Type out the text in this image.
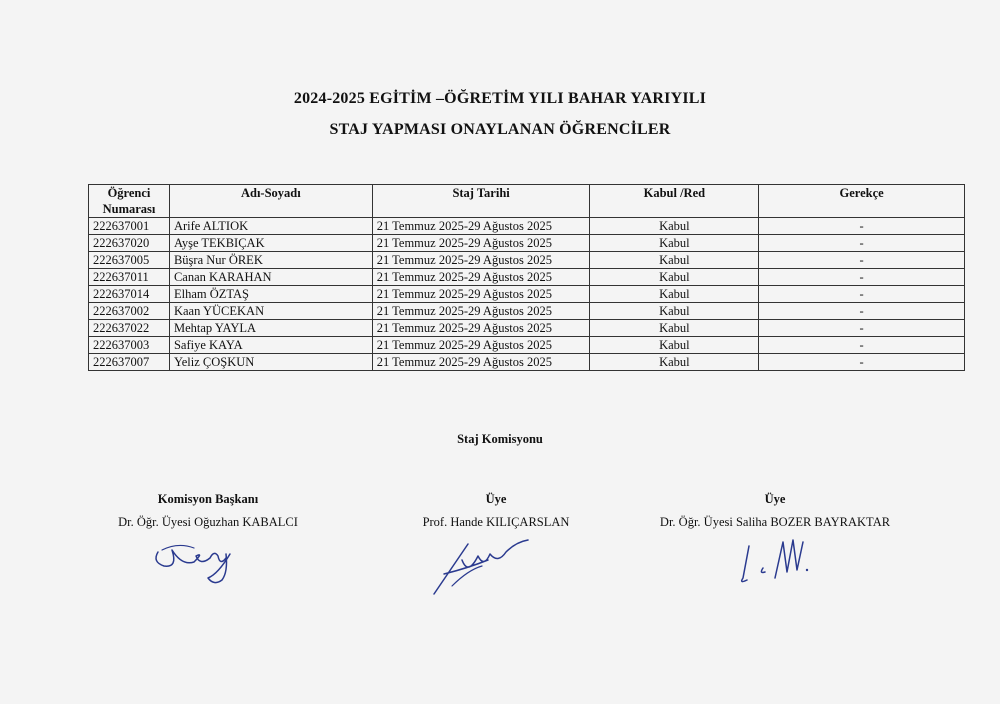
2024-2025 EGİTİM –ÖĞRETİM YILI BAHAR YARIYILI
STAJ YAPMASI ONAYLANAN ÖĞRENCİLER
Öğrenci Numarası	Adı-Soyadı	Staj Tarihi	Kabul /Red	Gerekçe
222637001	Arife ALTIOK	21 Temmuz 2025-29 Ağustos 2025	Kabul	-
222637020	Ayşe TEKBIÇAK	21 Temmuz 2025-29 Ağustos 2025	Kabul	-
222637005	Büşra Nur ÖREK	21 Temmuz 2025-29 Ağustos 2025	Kabul	-
222637011	Canan KARAHAN	21 Temmuz 2025-29 Ağustos 2025	Kabul	-
222637014	Elham ÖZTAŞ	21 Temmuz 2025-29 Ağustos 2025	Kabul	-
222637002	Kaan YÜCEKAN	21 Temmuz 2025-29 Ağustos 2025	Kabul	-
222637022	Mehtap YAYLA	21 Temmuz 2025-29 Ağustos 2025	Kabul	-
222637003	Safiye KAYA	21 Temmuz 2025-29 Ağustos 2025	Kabul	-
222637007	Yeliz ÇOŞKUN	21 Temmuz 2025-29 Ağustos 2025	Kabul	-
Staj Komisyonu
Komisyon Başkanı
Dr. Öğr. Üyesi Oğuzhan KABALCI
Üye
Prof. Hande KILIÇARSLAN
Üye
Dr. Öğr. Üyesi Saliha BOZER BAYRAKTAR
